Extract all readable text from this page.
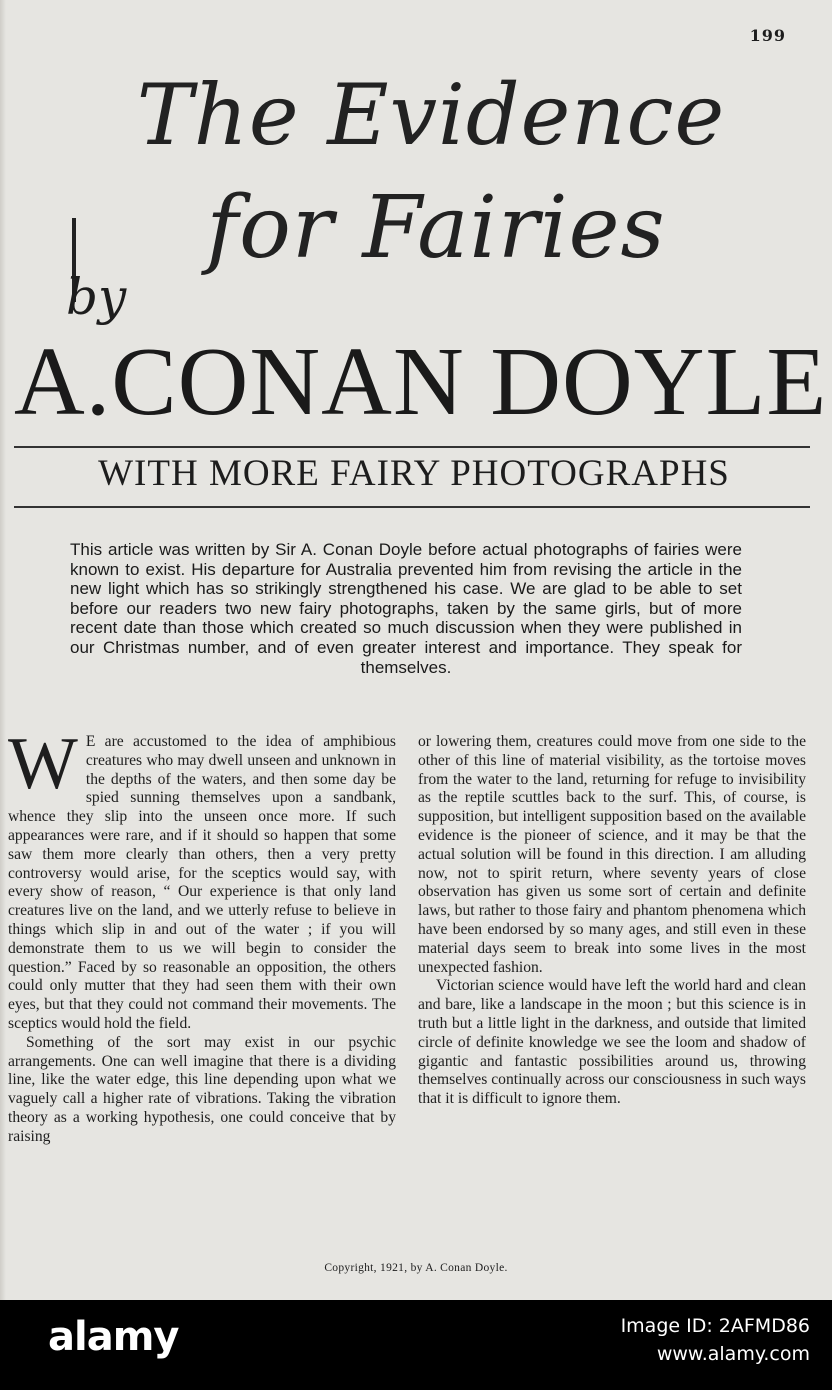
199
The Evidence
for Fairies
by
A.CONAN DOYLE
WITH MORE FAIRY PHOTOGRAPHS
This article was written by Sir A. Conan Doyle before actual photographs of fairies were known to exist. His departure for Australia prevented him from revising the article in the new light which has so strikingly strengthened his case. We are glad to be able to set before our readers two new fairy photographs, taken by the same girls, but of more recent date than those which created so much discussion when they were published in our Christmas number, and of even greater interest and importance. They speak for themselves.

W E are accustomed to the idea of amphibious creatures who may dwell unseen and unknown in the depths of the waters, and then some day be spied sunning themselves upon a sandbank, whence they slip into the unseen once more. If such appearances were rare, and if it should so happen that some saw them more clearly than others, then a very pretty controversy would arise, for the sceptics would say, with every show of reason, “ Our experience is that only land creatures live on the land, and we utterly refuse to believe in things which slip in and out of the water ; if you will demonstrate them to us we will begin to consider the question.” Faced by so reasonable an opposition, the others could only mutter that they had seen them with their own eyes, but that they could not command their movements. The sceptics would hold the field.

Something of the sort may exist in our psychic arrangements. One can well imagine that there is a dividing line, like the water edge, this line depending upon what we vaguely call a higher rate of vibrations. Taking the vibration theory as a working hypothesis, one could conceive that by raising

or lowering them, creatures could move from one side to the other of this line of material visibility, as the tortoise moves from the water to the land, returning for refuge to invisibility as the reptile scuttles back to the surf. This, of course, is supposition, but intelligent supposition based on the available evidence is the pioneer of science, and it may be that the actual solution will be found in this direction. I am alluding now, not to spirit return, where seventy years of close observation has given us some sort of certain and definite laws, but rather to those fairy and phantom phenomena which have been endorsed by so many ages, and still even in these material days seem to break into some lives in the most unexpected fashion.

Victorian science would have left the world hard and clean and bare, like a landscape in the moon ; but this science is in truth but a little light in the darkness, and outside that limited circle of definite knowledge we see the loom and shadow of gigantic and fantastic possibilities around us, throwing themselves continually across our consciousness in such ways that it is difficult to ignore them.

Copyright, 1921, by A. Conan Doyle.
alamy	Image ID: 2AFMD86
www.alamy.com
